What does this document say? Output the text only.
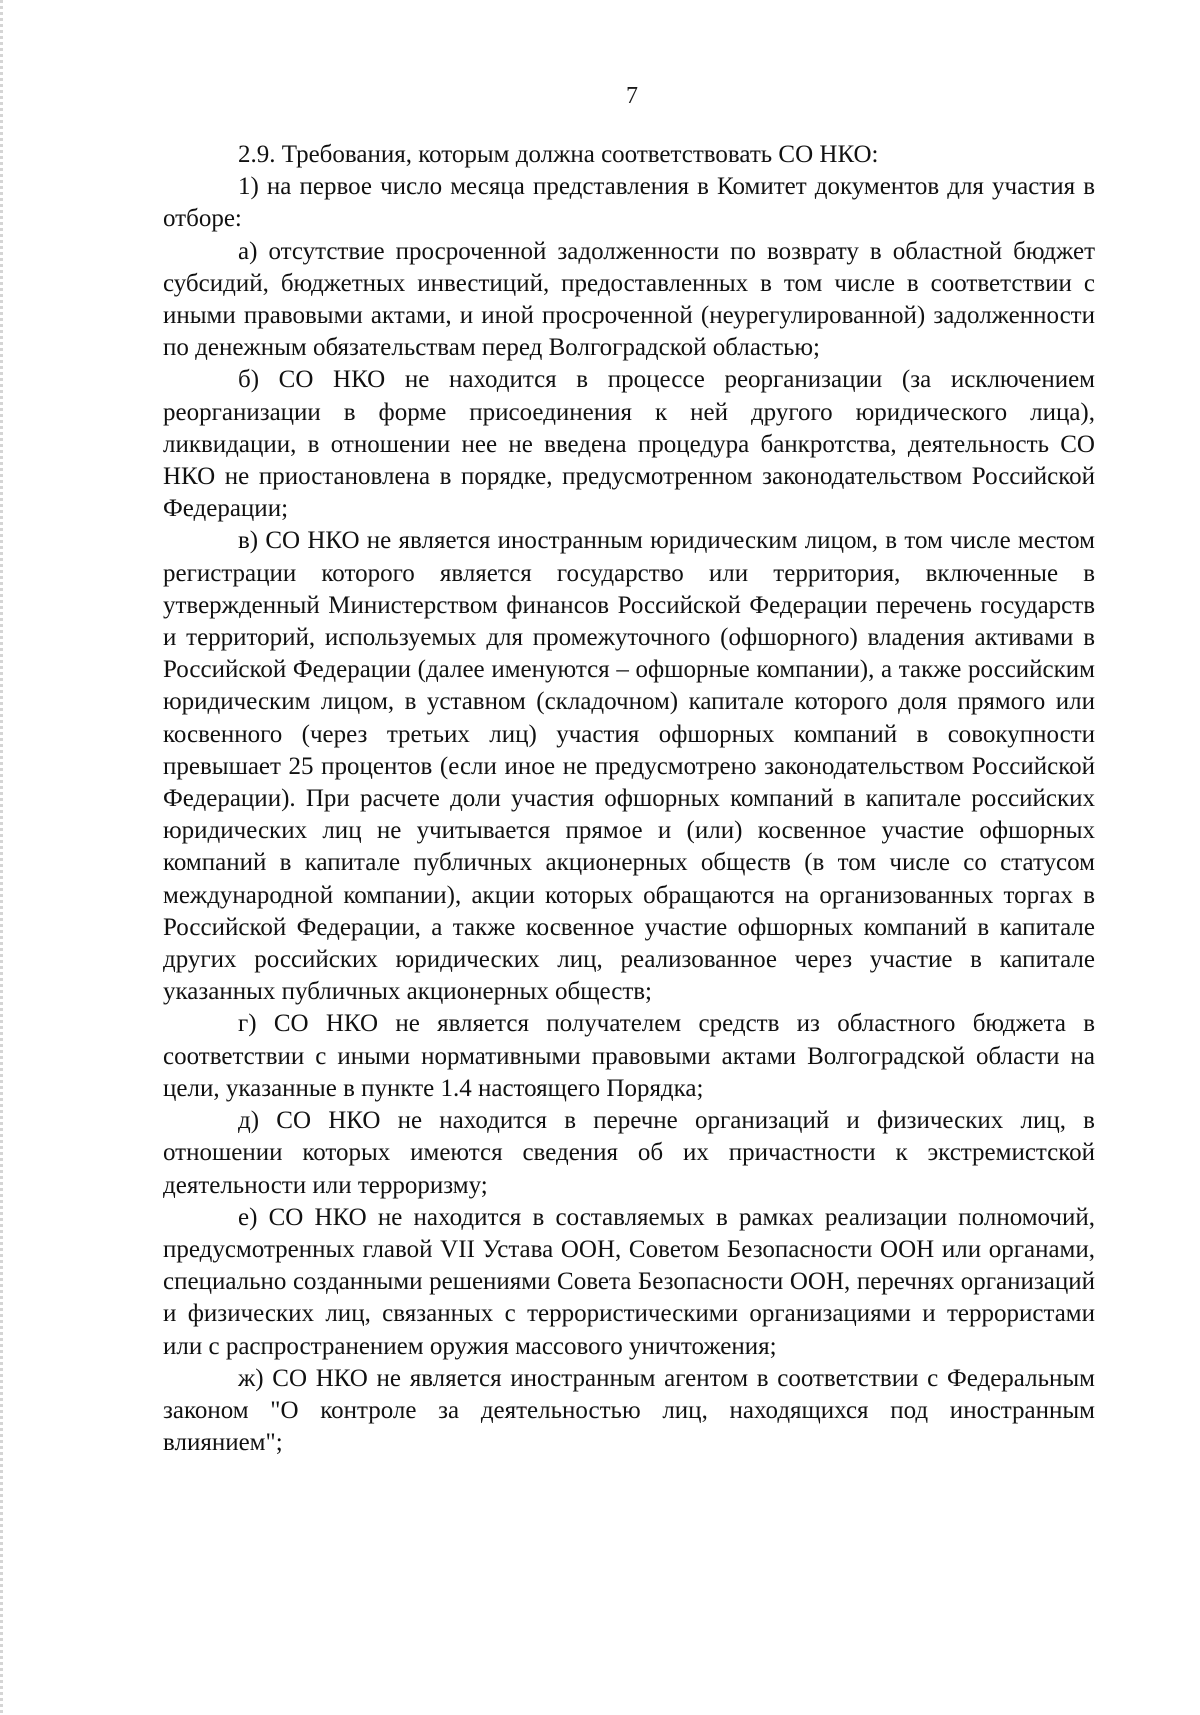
7

2.9. Требования, которым должна соответствовать СО НКО:

1) на первое число месяца представления в Комитет документов для участия в отборе:

а) отсутствие просроченной задолженности по возврату в областной бюджет субсидий, бюджетных инвестиций, предоставленных в том числе в соответствии с иными правовыми актами, и иной просроченной (неурегулированной) задолженности по денежным обязательствам перед Волгоградской областью;

б) СО НКО не находится в процессе реорганизации (за исключением реорганизации в форме присоединения к ней другого юридического лица), ликвидации, в отношении нее не введена процедура банкротства, деятельность СО НКО не приостановлена в порядке, предусмотренном законодательством Российской Федерации;

в) СО НКО не является иностранным юридическим лицом, в том числе местом регистрации которого является государство или территория, включенные в утвержденный Министерством финансов Российской Федерации перечень государств и территорий, используемых для промежуточного (офшорного) владения активами в Российской Федерации (далее именуются – офшорные компании), а также российским юридическим лицом, в уставном (складочном) капитале которого доля прямого или косвенного (через третьих лиц) участия офшорных компаний в совокупности превышает 25 процентов (если иное не предусмотрено законодательством Российской Федерации). При расчете доли участия офшорных компаний в капитале российских юридических лиц не учитывается прямое и (или) косвенное участие офшорных компаний в капитале публичных акционерных обществ (в том числе со статусом международной компании), акции которых обращаются на организованных торгах в Российской Федерации, а также косвенное участие офшорных компаний в капитале других российских юридических лиц, реализованное через участие в капитале указанных публичных акционерных обществ;

г) СО НКО не является получателем средств из областного бюджета в соответствии с иными нормативными правовыми актами Волгоградской области на цели, указанные в пункте 1.4 настоящего Порядка;

д) СО НКО не находится в перечне организаций и физических лиц, в отношении которых имеются сведения об их причастности к экстремистской деятельности или терроризму;

е) СО НКО не находится в составляемых в рамках реализации полномочий, предусмотренных главой VII Устава ООН, Советом Безопасности ООН или органами, специально созданными решениями Совета Безопасности ООН, перечнях организаций и физических лиц, связанных с террористическими организациями и террористами или с распространением оружия массового уничтожения;

ж) СО НКО не является иностранным агентом в соответствии с Федеральным законом "О контроле за деятельностью лиц, находящихся под иностранным влиянием";
